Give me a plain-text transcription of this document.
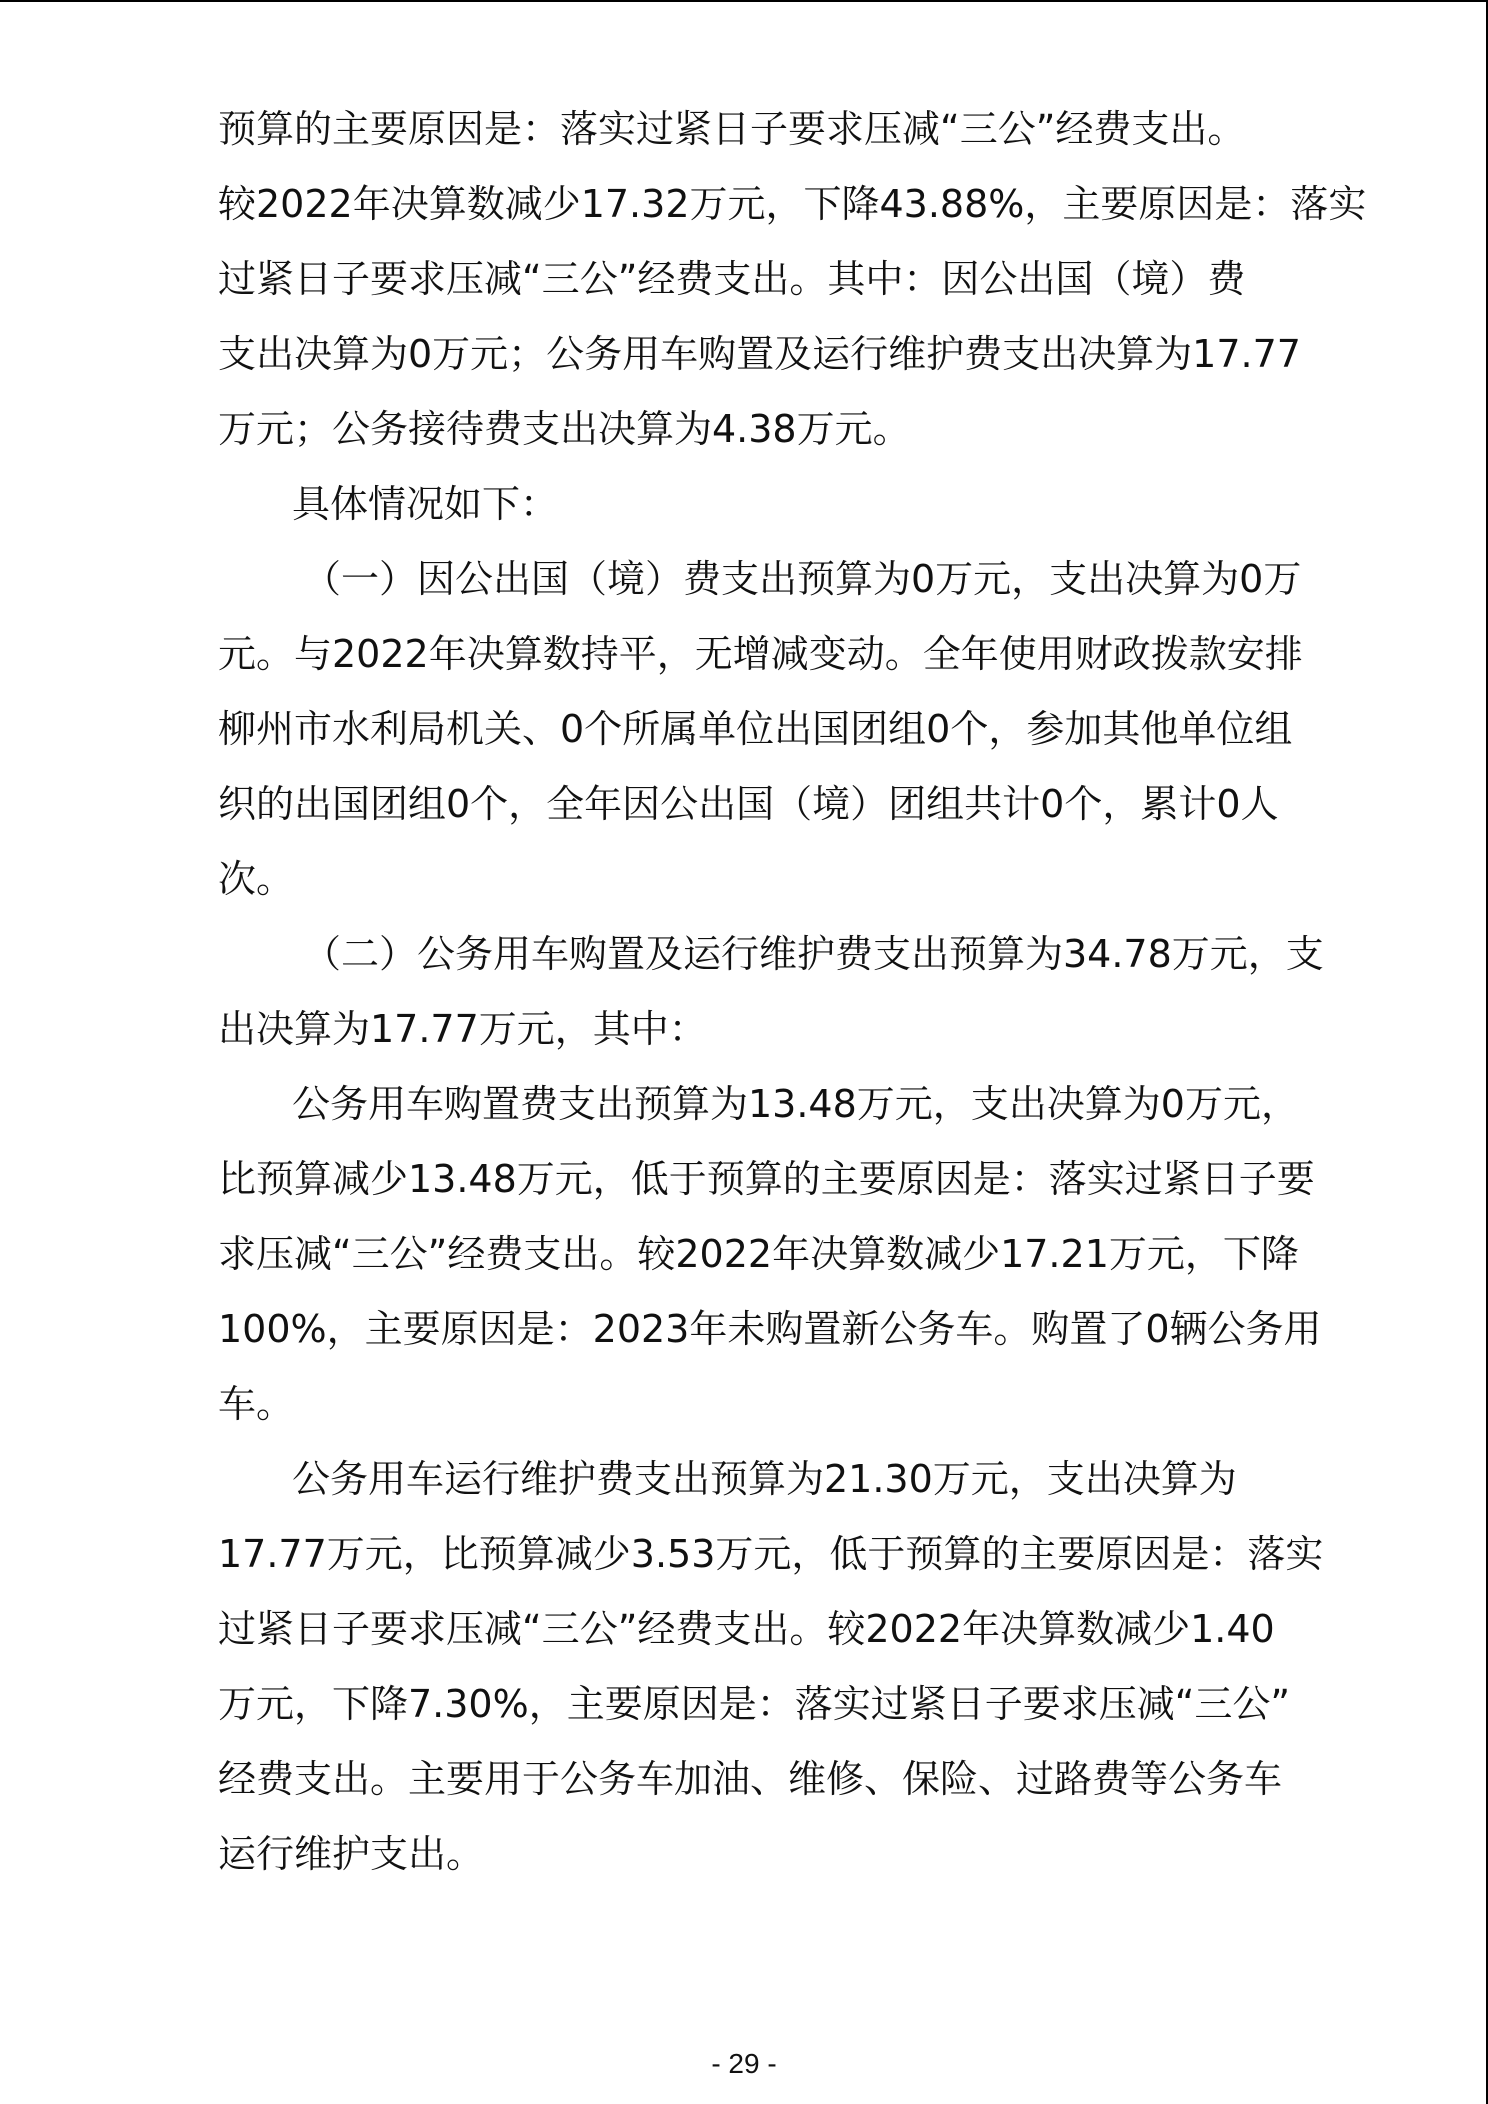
预算的主要原因是：落实过紧日子要求压减“三公”经费支出。
较2022年决算数减少17.32万元，下降43.88%，主要原因是：落实
过紧日子要求压减“三公”经费支出。其中：因公出国（境）费
支出决算为0万元；公务用车购置及运行维护费支出决算为17.77
万元；公务接待费支出决算为4.38万元。
具体情况如下：
（一）因公出国（境）费支出预算为0万元，支出决算为0万
元。与2022年决算数持平，无增减变动。全年使用财政拨款安排
柳州市水利局机关、0个所属单位出国团组0个，参加其他单位组
织的出国团组0个，全年因公出国（境）团组共计0个，累计0人
次。
（二）公务用车购置及运行维护费支出预算为34.78万元，支
出决算为17.77万元，其中：
公务用车购置费支出预算为13.48万元，支出决算为0万元，
比预算减少13.48万元，低于预算的主要原因是：落实过紧日子要
求压减“三公”经费支出。较2022年决算数减少17.21万元，下降
100%，主要原因是：2023年未购置新公务车。购置了0辆公务用
车。
公务用车运行维护费支出预算为21.30万元，支出决算为
17.77万元，比预算减少3.53万元，低于预算的主要原因是：落实
过紧日子要求压减“三公”经费支出。较2022年决算数减少1.40
万元，下降7.30%，主要原因是：落实过紧日子要求压减“三公”
经费支出。主要用于公务车加油、维修、保险、过路费等公务车
运行维护支出。
- 29 -
